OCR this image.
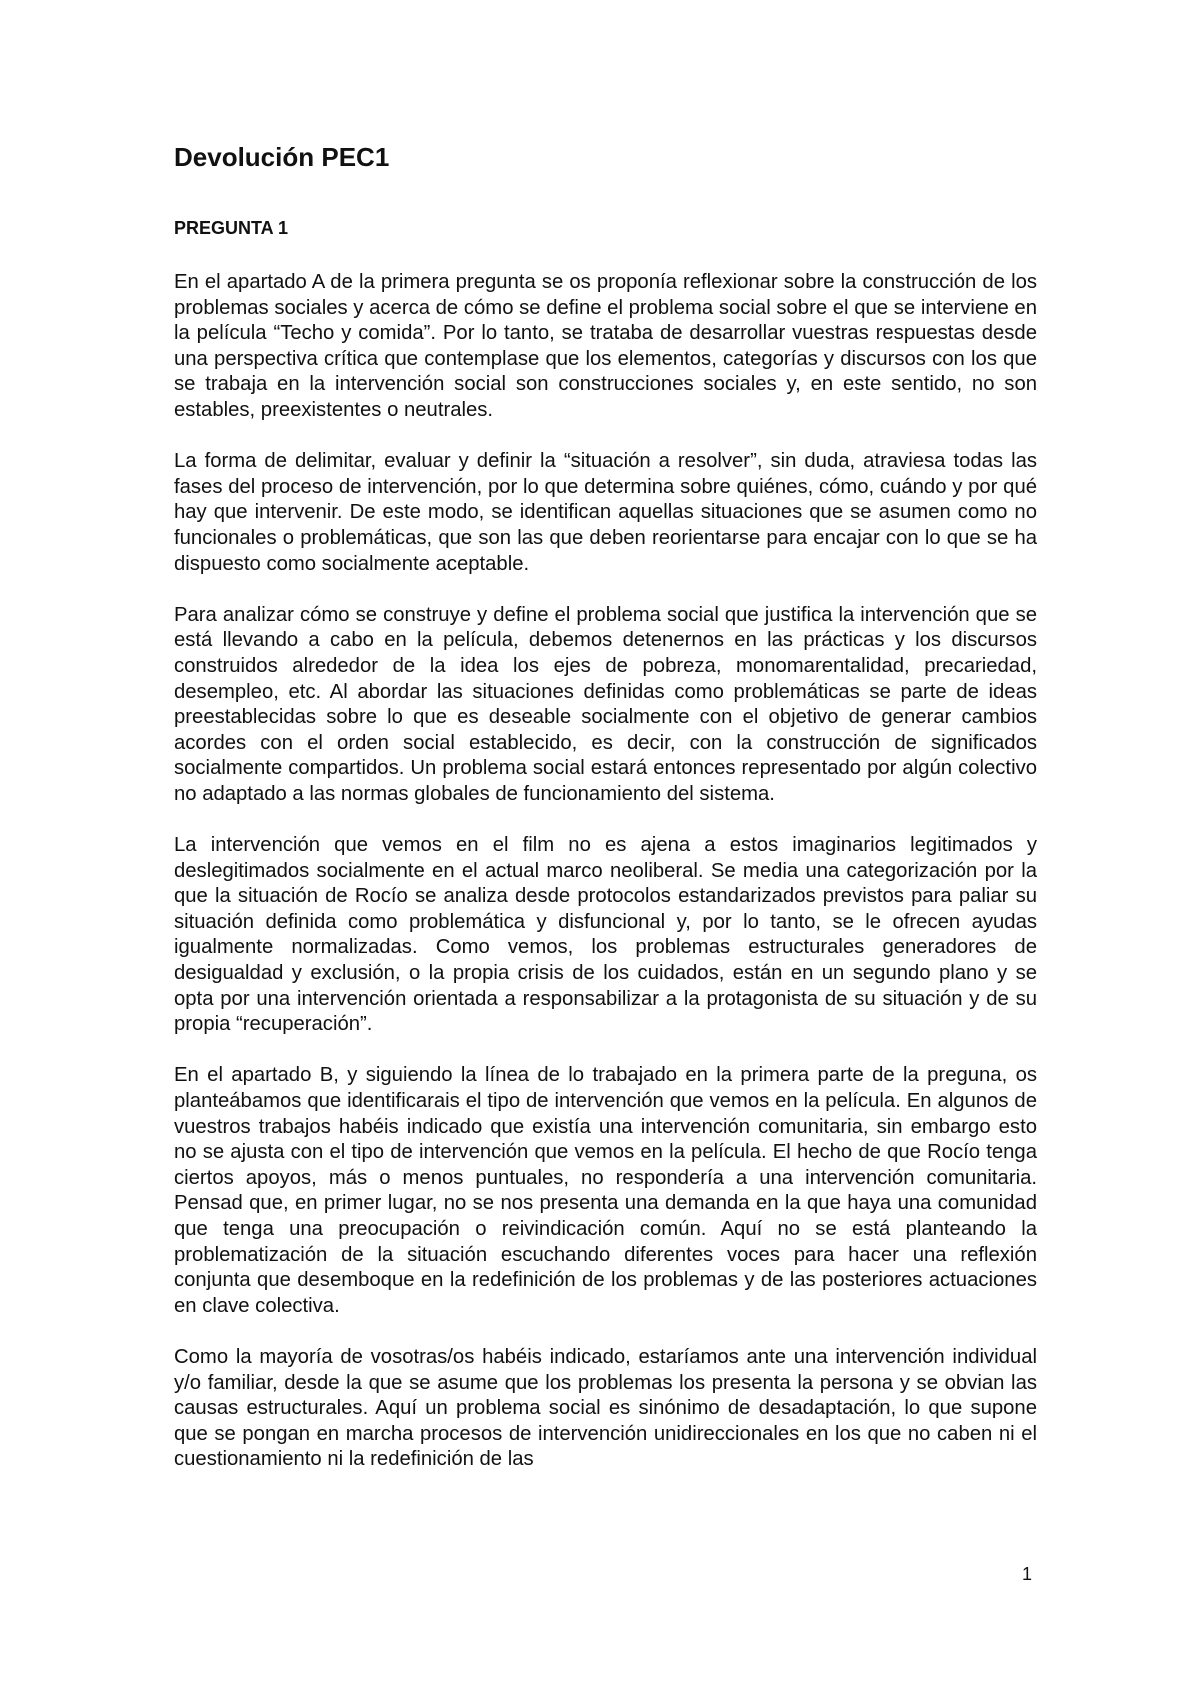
Devolución PEC1
PREGUNTA 1

En el apartado A de la primera pregunta se os proponía reflexionar sobre la construcción de los problemas sociales y acerca de cómo se define el problema social sobre el que se interviene en la película “Techo y comida”. Por lo tanto, se trataba de desarrollar vuestras respuestas desde una perspectiva crítica que contemplase que los elementos, categorías y discursos con los que se trabaja en la intervención social son construcciones sociales y, en este sentido, no son estables, preexistentes o neutrales.

La forma de delimitar, evaluar y definir la “situación a resolver”, sin duda, atraviesa todas las fases del proceso de intervención, por lo que determina sobre quiénes, cómo, cuándo y por qué hay que intervenir. De este modo, se identifican aquellas situaciones que se asumen como no funcionales o problemáticas, que son las que deben reorientarse para encajar con lo que se ha dispuesto como socialmente aceptable.

Para analizar cómo se construye y define el problema social que justifica la intervención que se está llevando a cabo en la película, debemos detenernos en las prácticas y los discursos construidos alrededor de la idea los ejes de pobreza, monomarentalidad, precariedad, desempleo, etc. Al abordar las situaciones definidas como problemáticas se parte de ideas preestablecidas sobre lo que es deseable socialmente con el objetivo de generar cambios acordes con el orden social establecido, es decir, con la construcción de significados socialmente compartidos. Un problema social estará entonces representado por algún colectivo no adaptado a las normas globales de funcionamiento del sistema.

La intervención que vemos en el film no es ajena a estos imaginarios legitimados y deslegitimados socialmente en el actual marco neoliberal. Se media una categorización por la que la situación de Rocío se analiza desde protocolos estandarizados previstos para paliar su situación definida como problemática y disfuncional y, por lo tanto, se le ofrecen ayudas igualmente normalizadas. Como vemos, los problemas estructurales generadores de desigualdad y exclusión, o la propia crisis de los cuidados, están en un segundo plano y se opta por una intervención orientada a responsabilizar a la protagonista de su situación y de su propia “recuperación”.

En el apartado B, y siguiendo la línea de lo trabajado en la primera parte de la preguna, os planteábamos que identificarais el tipo de intervención que vemos en la película. En algunos de vuestros trabajos habéis indicado que existía una intervención comunitaria, sin embargo esto no se ajusta con el tipo de intervención que vemos en la película. El hecho de que Rocío tenga ciertos apoyos, más o menos puntuales, no respondería a una intervención comunitaria. Pensad que, en primer lugar, no se nos presenta una demanda en la que haya una comunidad que tenga una preocupación o reivindicación común. Aquí no se está planteando la problematización de la situación escuchando diferentes voces para hacer una reflexión conjunta que desemboque en la redefinición de los problemas y de las posteriores actuaciones en clave colectiva.

Como la mayoría de vosotras/os habéis indicado, estaríamos ante una intervención individual y/o familiar, desde la que se asume que los problemas los presenta la persona y se obvian las causas estructurales. Aquí un problema social es sinónimo de desadaptación, lo que supone que se pongan en marcha procesos de intervención unidireccionales en los que no caben ni el cuestionamiento ni la redefinición de las

1
